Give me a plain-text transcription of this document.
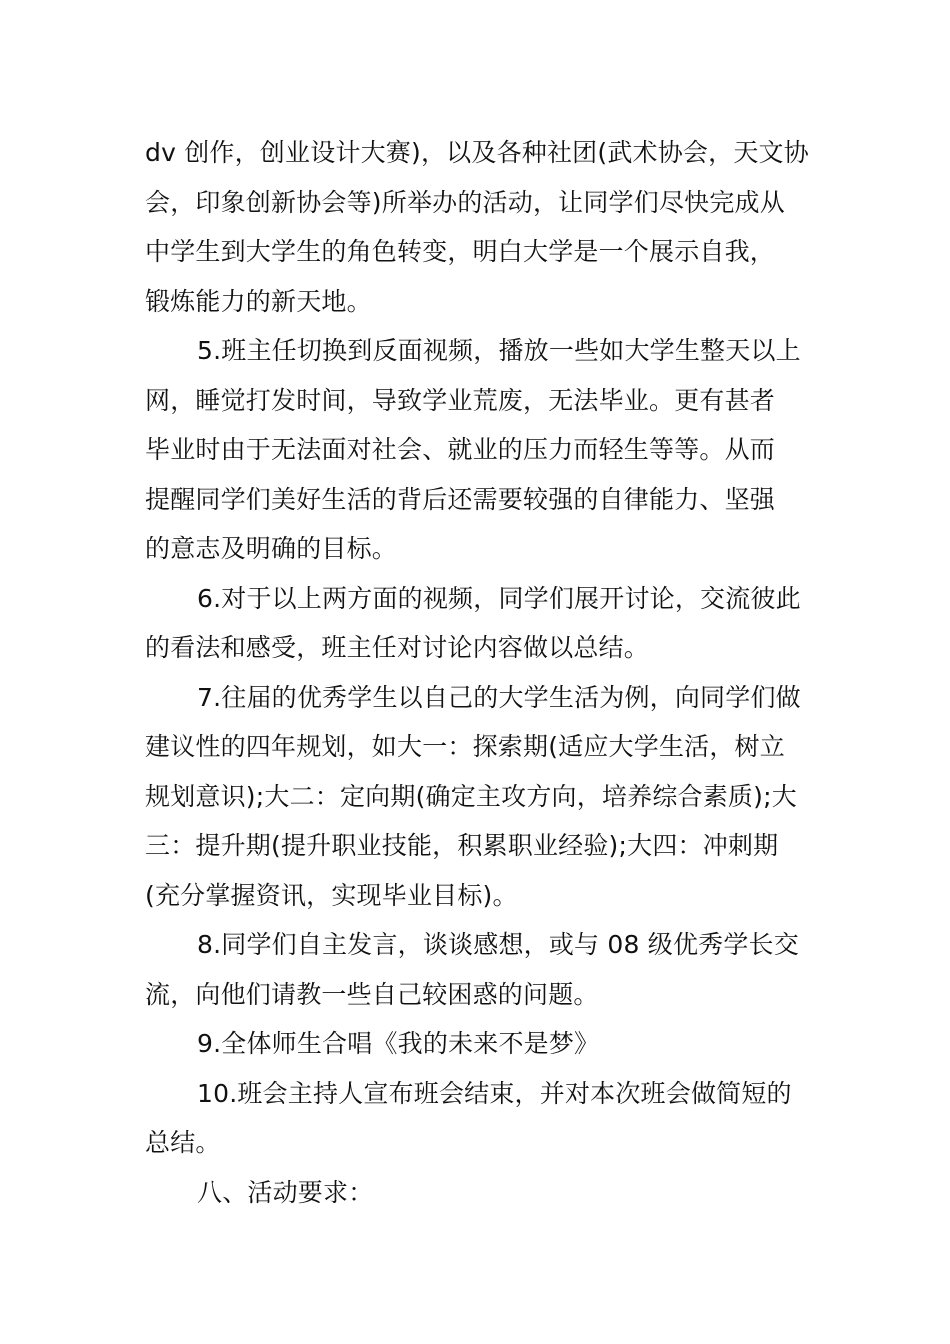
dv 创作，创业设计大赛)，以及各种社团(武术协会，天文协
会，印象创新协会等)所举办的活动，让同学们尽快完成从
中学生到大学生的角色转变，明白大学是一个展示自我，
锻炼能力的新天地。

5.班主任切换到反面视频，播放一些如大学生整天以上
网，睡觉打发时间，导致学业荒废，无法毕业。更有甚者
毕业时由于无法面对社会、就业的压力而轻生等等。从而
提醒同学们美好生活的背后还需要较强的自律能力、坚强
的意志及明确的目标。

6.对于以上两方面的视频，同学们展开讨论，交流彼此
的看法和感受，班主任对讨论内容做以总结。

7.往届的优秀学生以自己的大学生活为例，向同学们做
建议性的四年规划，如大一：探索期(适应大学生活，树立
规划意识);大二：定向期(确定主攻方向，培养综合素质);大
三：提升期(提升职业技能，积累职业经验);大四：冲刺期
(充分掌握资讯，实现毕业目标)。

8.同学们自主发言，谈谈感想，或与 08 级优秀学长交
流，向他们请教一些自己较困惑的问题。

9.全体师生合唱《我的未来不是梦》

10.班会主持人宣布班会结束，并对本次班会做简短的
总结。

八、活动要求：
